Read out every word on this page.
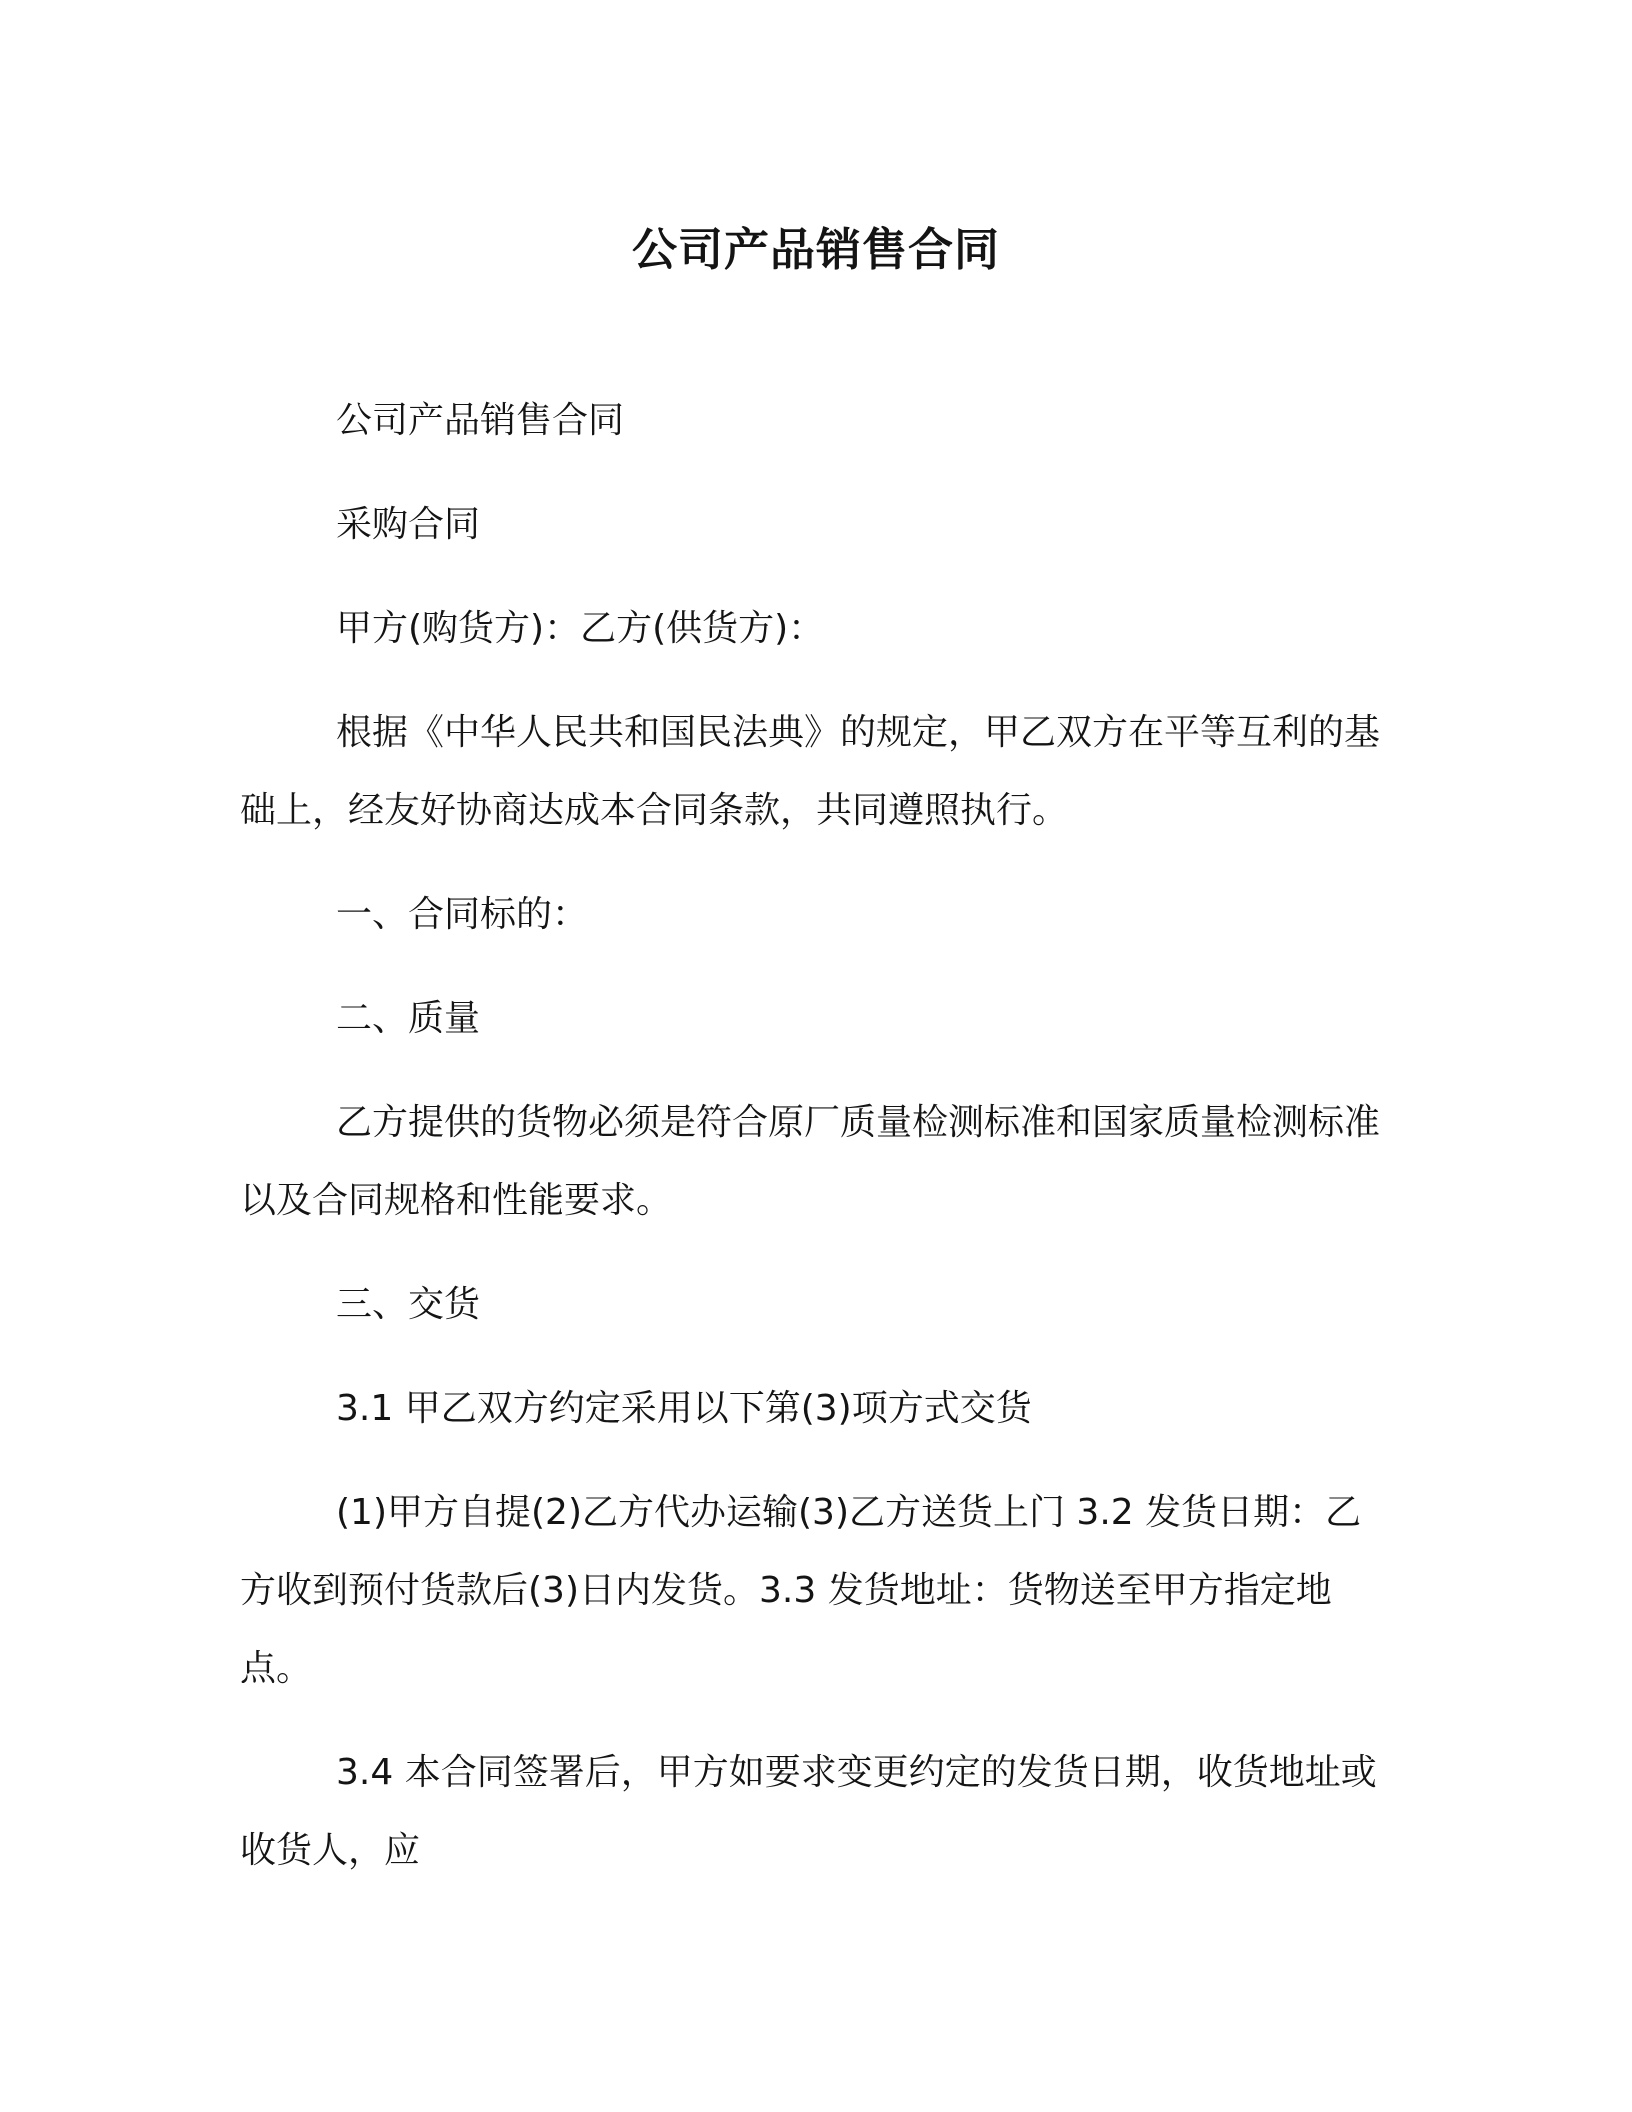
公司产品销售合同

公司产品销售合同

采购合同

甲方(购货方)：乙方(供货方)：

根据《中华人民共和国民法典》的规定，甲乙双方在平等互利的基础上，经友好协商达成本合同条款，共同遵照执行。

一、合同标的：

二、质量

乙方提供的货物必须是符合原厂质量检测标准和国家质量检测标准以及合同规格和性能要求。

三、交货

3.1 甲乙双方约定采用以下第(3)项方式交货

(1)甲方自提(2)乙方代办运输(3)乙方送货上门 3.2 发货日期：乙方收到预付货款后(3)日内发货。3.3 发货地址：货物送至甲方指定地点。

3.4 本合同签署后，甲方如要求变更约定的发货日期，收货地址或收货人，应
